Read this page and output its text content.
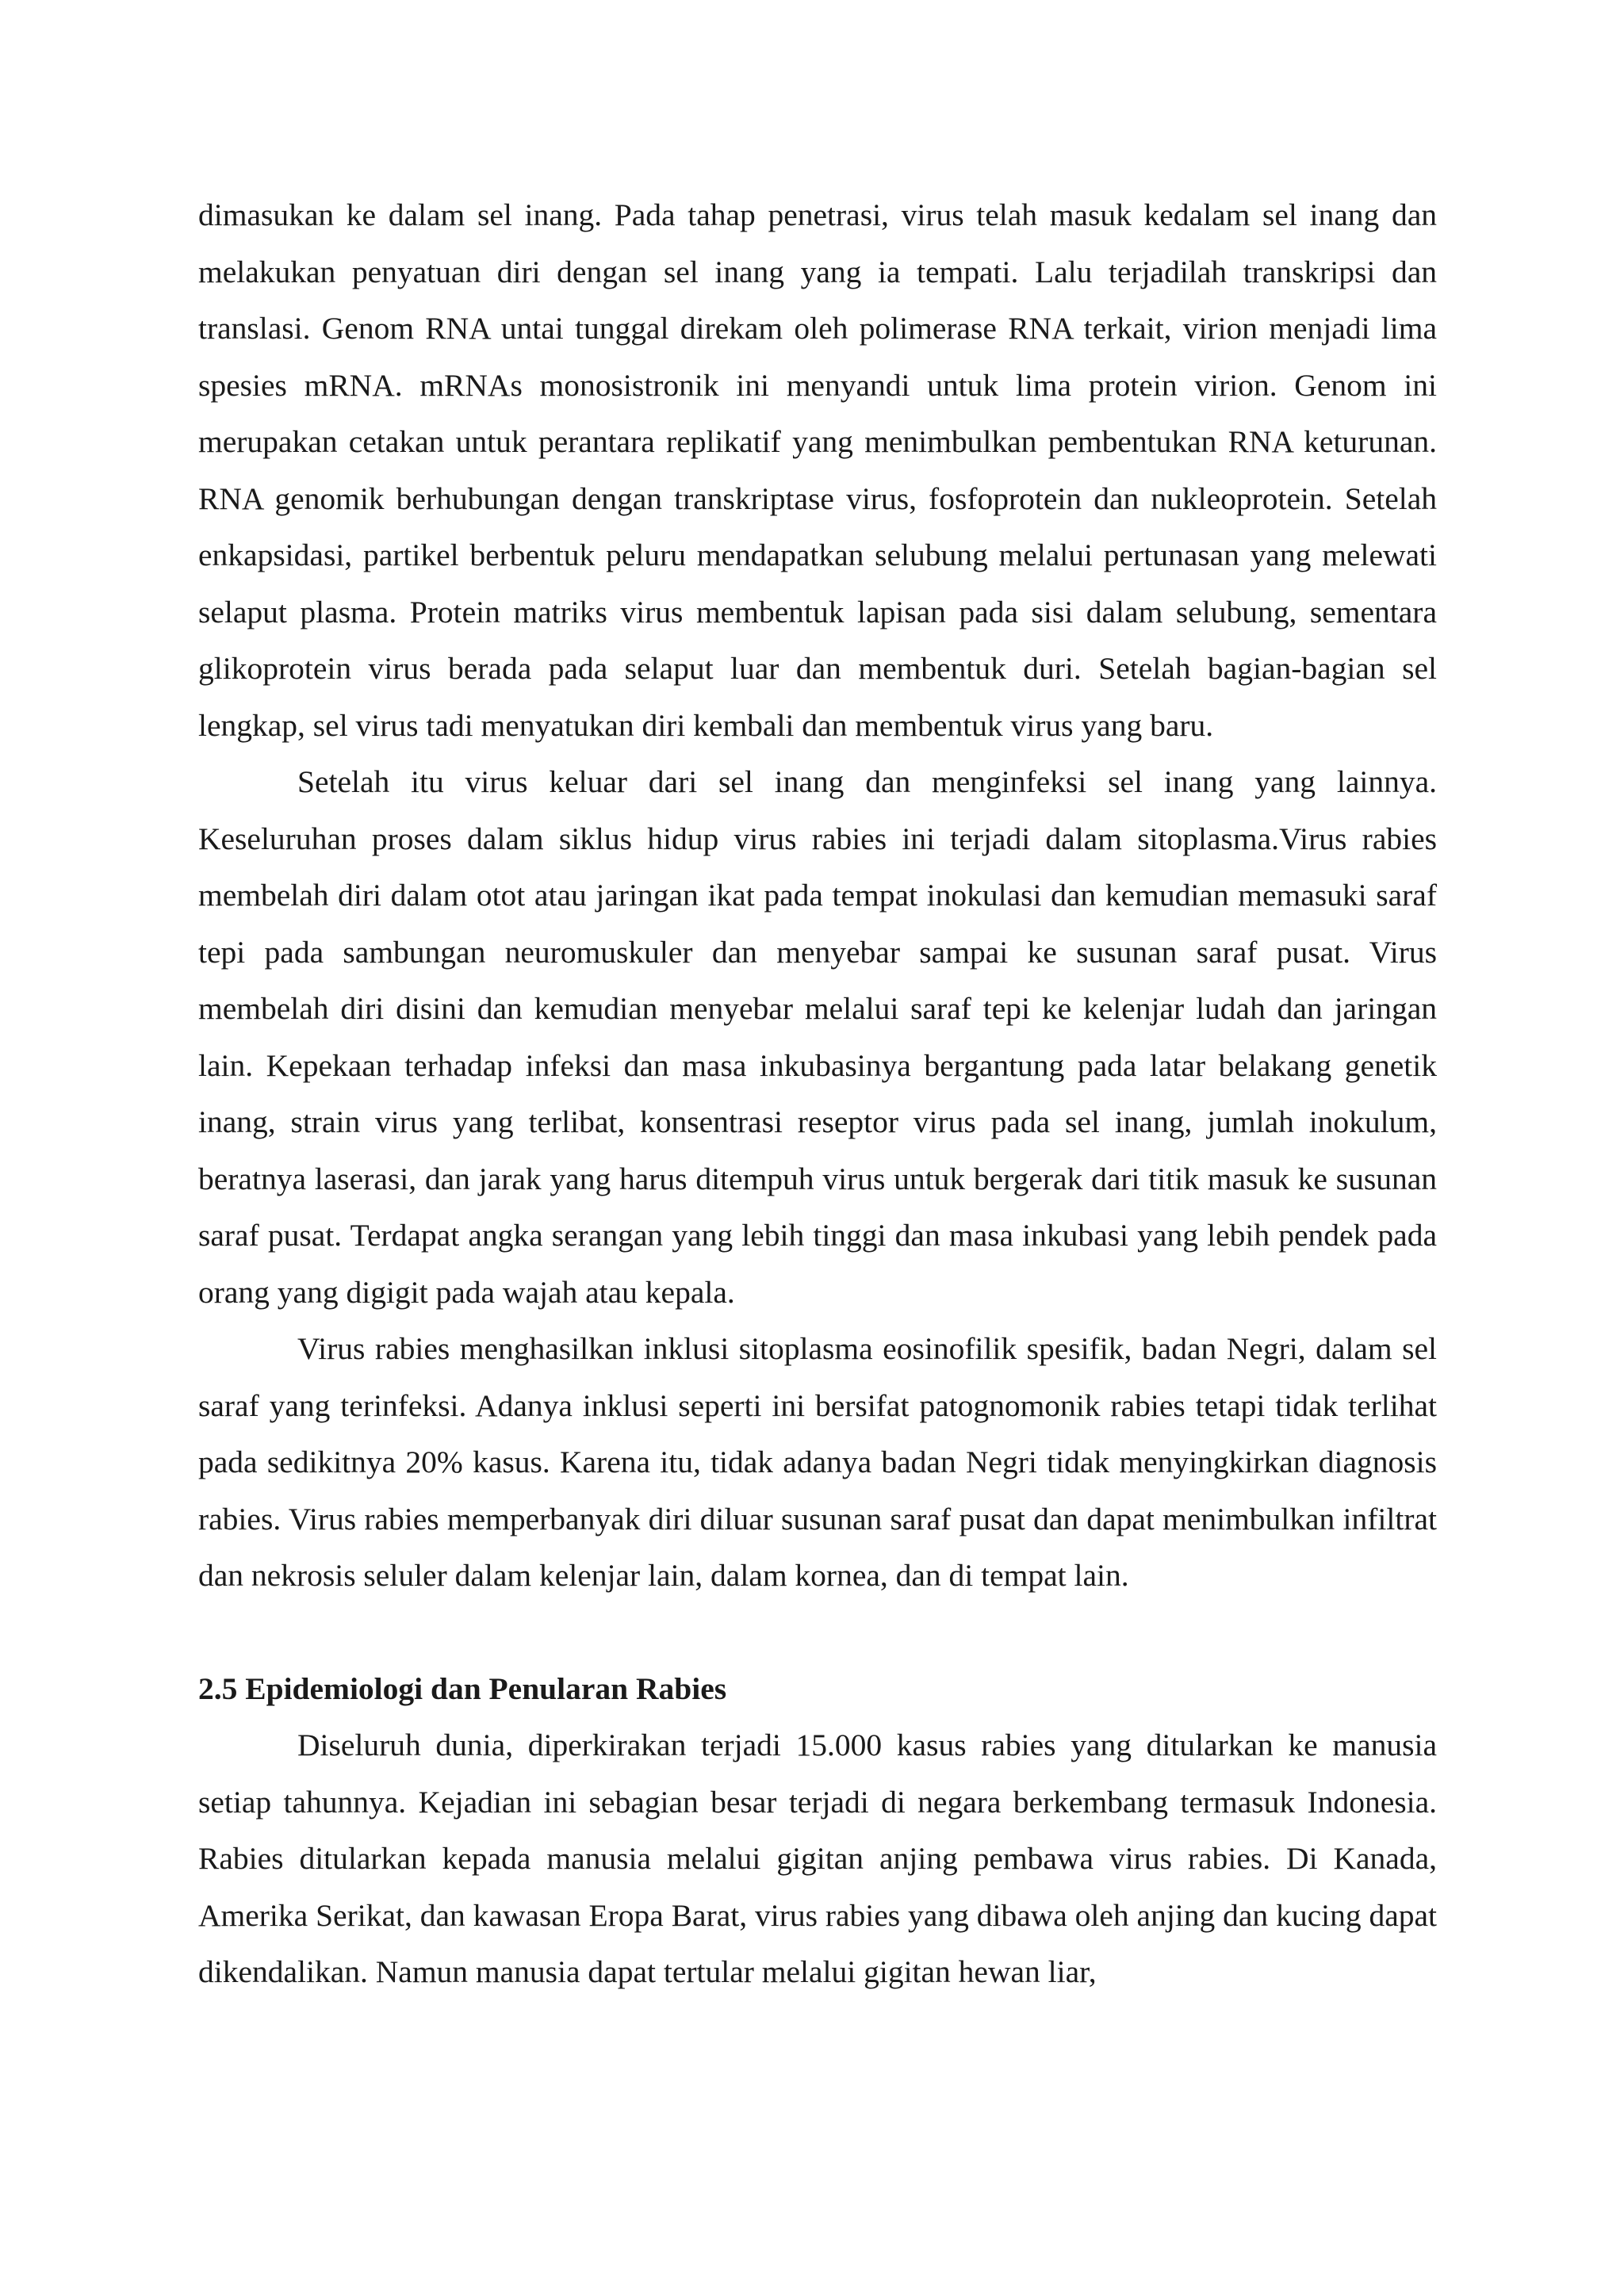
dimasukan ke dalam sel inang. Pada tahap penetrasi, virus telah masuk kedalam sel inang dan melakukan penyatuan diri dengan sel inang yang ia tempati. Lalu terjadilah transkripsi dan translasi. Genom RNA untai tunggal direkam oleh polimerase RNA terkait, virion menjadi lima spesies mRNA. mRNAs monosistronik ini menyandi untuk lima protein virion. Genom ini merupakan cetakan untuk perantara replikatif yang menimbulkan pembentukan RNA keturunan. RNA genomik berhubungan dengan transkriptase virus, fosfoprotein dan nukleoprotein. Setelah enkapsidasi, partikel berbentuk peluru mendapatkan selubung melalui pertunasan yang melewati selaput plasma. Protein matriks virus membentuk lapisan pada sisi dalam selubung, sementara glikoprotein virus berada pada selaput luar dan membentuk duri. Setelah bagian-bagian sel lengkap, sel virus tadi menyatukan diri kembali dan membentuk virus yang baru.

Setelah itu virus keluar dari sel inang dan menginfeksi sel inang yang lainnya. Keseluruhan proses dalam siklus hidup virus rabies ini terjadi dalam sitoplasma.Virus rabies membelah diri dalam otot atau jaringan ikat pada tempat inokulasi dan kemudian memasuki saraf tepi pada sambungan neuromuskuler dan menyebar sampai ke susunan saraf pusat. Virus membelah diri disini dan kemudian menyebar melalui saraf tepi ke kelenjar ludah dan jaringan lain. Kepekaan terhadap infeksi dan masa inkubasinya bergantung pada latar belakang genetik inang, strain virus yang terlibat, konsentrasi reseptor virus pada sel inang, jumlah inokulum, beratnya laserasi, dan jarak yang harus ditempuh virus untuk bergerak dari titik masuk ke susunan saraf pusat. Terdapat angka serangan yang lebih tinggi dan masa inkubasi yang lebih pendek pada orang yang digigit pada wajah atau kepala.

Virus rabies menghasilkan inklusi sitoplasma eosinofilik spesifik, badan Negri, dalam sel saraf yang terinfeksi. Adanya inklusi seperti ini bersifat patognomonik rabies tetapi tidak terlihat pada sedikitnya 20% kasus. Karena itu, tidak adanya badan Negri tidak menyingkirkan diagnosis rabies. Virus rabies memperbanyak diri diluar susunan saraf pusat dan dapat menimbulkan infiltrat dan nekrosis seluler dalam kelenjar lain, dalam kornea, dan di tempat lain.

2.5 Epidemiologi dan Penularan Rabies

Diseluruh dunia, diperkirakan terjadi 15.000 kasus rabies yang ditularkan ke manusia setiap tahunnya. Kejadian ini sebagian besar terjadi di negara berkembang termasuk Indonesia. Rabies ditularkan kepada manusia melalui gigitan anjing pembawa virus rabies. Di Kanada, Amerika Serikat, dan kawasan Eropa Barat, virus rabies yang dibawa oleh anjing dan kucing dapat dikendalikan. Namun manusia dapat tertular melalui gigitan hewan liar,
